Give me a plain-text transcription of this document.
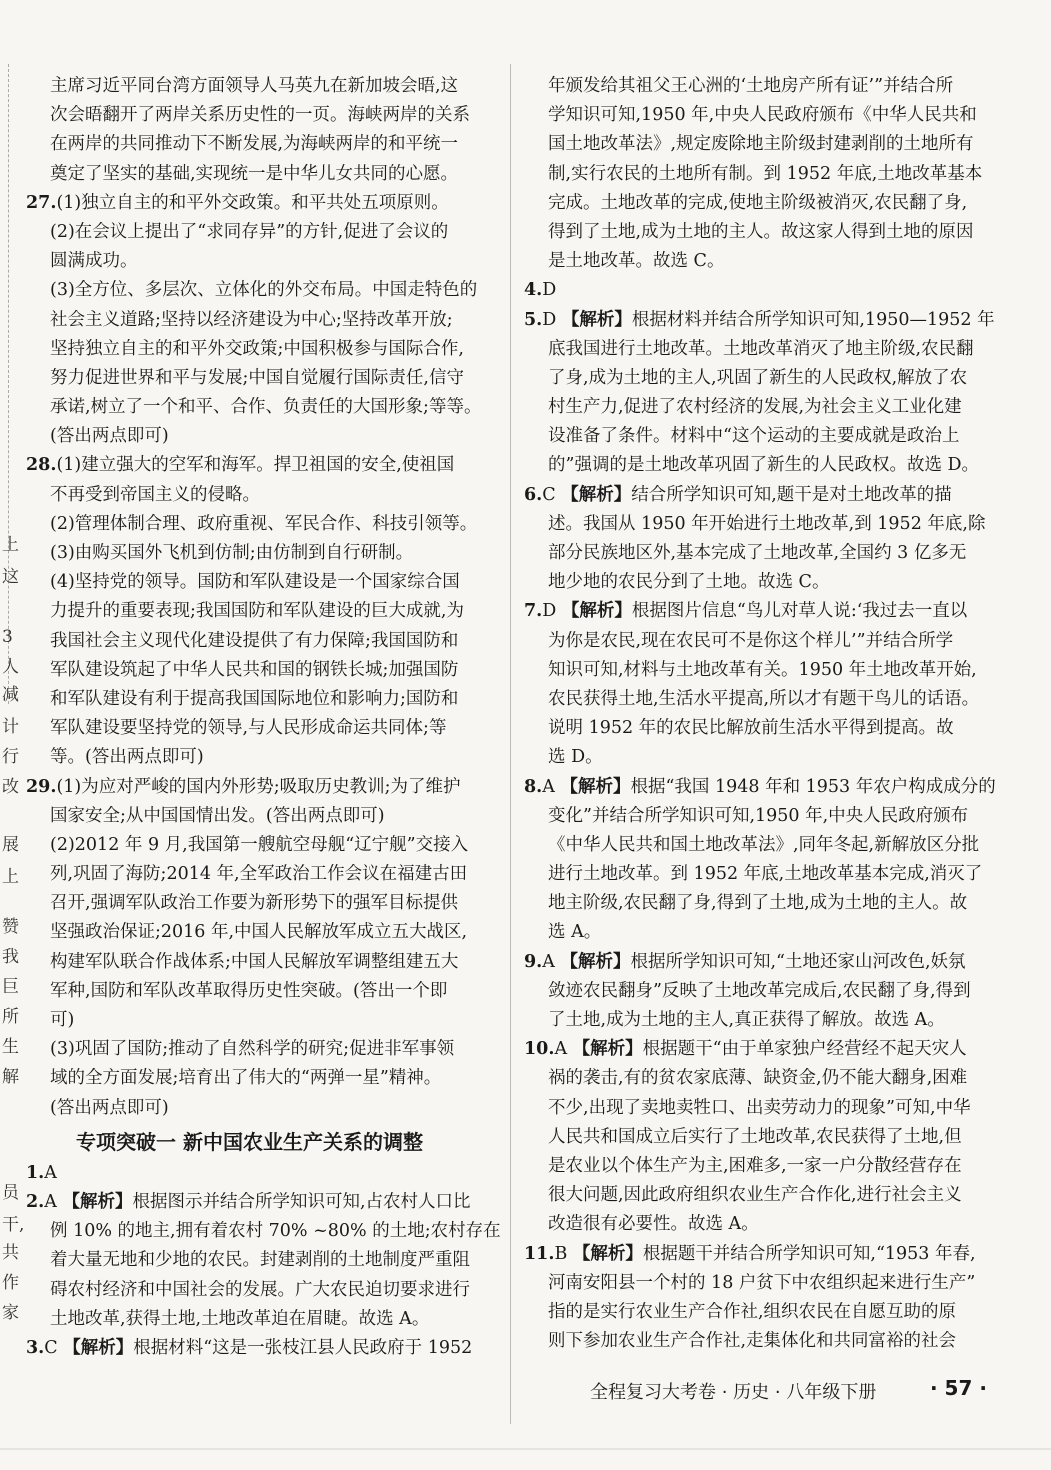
上
这
3
人
减
计
行
改
展
上
赞
我
巨
所
生
解
员
干,
共
作
家
主席习近平同台湾方面领导人马英九在新加坡会晤,这
次会晤翻开了两岸关系历史性的一页。海峡两岸的关系
在两岸的共同推动下不断发展,为海峡两岸的和平统一
奠定了坚实的基础,实现统一是中华儿女共同的心愿。
27.(1)独立自主的和平外交政策。和平共处五项原则。
(2)在会议上提出了“求同存异”的方针,促进了会议的
圆满成功。
(3)全方位、多层次、立体化的外交布局。中国走特色的
社会主义道路;坚持以经济建设为中心;坚持改革开放;
坚持独立自主的和平外交政策;中国积极参与国际合作,
努力促进世界和平与发展;中国自觉履行国际责任,信守
承诺,树立了一个和平、合作、负责任的大国形象;等等。
(答出两点即可)
28.(1)建立强大的空军和海军。捍卫祖国的安全,使祖国
不再受到帝国主义的侵略。
(2)管理体制合理、政府重视、军民合作、科技引领等。
(3)由购买国外飞机到仿制;由仿制到自行研制。
(4)坚持党的领导。国防和军队建设是一个国家综合国
力提升的重要表现;我国国防和军队建设的巨大成就,为
我国社会主义现代化建设提供了有力保障;我国国防和
军队建设筑起了中华人民共和国的钢铁长城;加强国防
和军队建设有利于提高我国国际地位和影响力;国防和
军队建设要坚持党的领导,与人民形成命运共同体;等
等。(答出两点即可)
29.(1)为应对严峻的国内外形势;吸取历史教训;为了维护
国家安全;从中国国情出发。(答出两点即可)
(2)2012 年 9 月,我国第一艘航空母舰“辽宁舰”交接入
列,巩固了海防;2014 年,全军政治工作会议在福建古田
召开,强调军队政治工作要为新形势下的强军目标提供
坚强政治保证;2016 年,中国人民解放军成立五大战区,
构建军队联合作战体系;中国人民解放军调整组建五大
军种,国防和军队改革取得历史性突破。(答出一个即
可)
(3)巩固了国防;推动了自然科学的研究;促进非军事领
域的全方面发展;培育出了伟大的“两弹一星”精神。
(答出两点即可)
专项突破一 新中国农业生产关系的调整
1.A
2.A 【解析】根据图示并结合所学知识可知,占农村人口比
例 10% 的地主,拥有着农村 70% ~80% 的土地;农村存在
着大量无地和少地的农民。封建剥削的土地制度严重阻
碍农村经济和中国社会的发展。广大农民迫切要求进行
土地改革,获得土地,土地改革迫在眉睫。故选 A。
3.C 【解析】根据材料“这是一张枝江县人民政府于 1952
年颁发给其祖父王心洲的‘土地房产所有证’”并结合所
学知识可知,1950 年,中央人民政府颁布《中华人民共和
国土地改革法》,规定废除地主阶级封建剥削的土地所有
制,实行农民的土地所有制。到 1952 年底,土地改革基本
完成。土地改革的完成,使地主阶级被消灭,农民翻了身,
得到了土地,成为土地的主人。故这家人得到土地的原因
是土地改革。故选 C。
4.D
5.D 【解析】根据材料并结合所学知识可知,1950—1952 年
底我国进行土地改革。土地改革消灭了地主阶级,农民翻
了身,成为土地的主人,巩固了新生的人民政权,解放了农
村生产力,促进了农村经济的发展,为社会主义工业化建
设准备了条件。材料中“这个运动的主要成就是政治上
的”强调的是土地改革巩固了新生的人民政权。故选 D。
6.C 【解析】结合所学知识可知,题干是对土地改革的描
述。我国从 1950 年开始进行土地改革,到 1952 年底,除
部分民族地区外,基本完成了土地改革,全国约 3 亿多无
地少地的农民分到了土地。故选 C。
7.D 【解析】根据图片信息“鸟儿对草人说:‘我过去一直以
为你是农民,现在农民可不是你这个样儿’”并结合所学
知识可知,材料与土地改革有关。1950 年土地改革开始,
农民获得土地,生活水平提高,所以才有题干鸟儿的话语。
说明 1952 年的农民比解放前生活水平得到提高。故
选 D。
8.A 【解析】根据“我国 1948 年和 1953 年农户构成成分的
变化”并结合所学知识可知,1950 年,中央人民政府颁布
《中华人民共和国土地改革法》,同年冬起,新解放区分批
进行土地改革。到 1952 年底,土地改革基本完成,消灭了
地主阶级,农民翻了身,得到了土地,成为土地的主人。故
选 A。
9.A 【解析】根据所学知识可知,“土地还家山河改色,妖氛
敛迹农民翻身”反映了土地改革完成后,农民翻了身,得到
了土地,成为土地的主人,真正获得了解放。故选 A。
10.A 【解析】根据题干“由于单家独户经营经不起天灾人
祸的袭击,有的贫农家底薄、缺资金,仍不能大翻身,困难
不少,出现了卖地卖牲口、出卖劳动力的现象”可知,中华
人民共和国成立后实行了土地改革,农民获得了土地,但
是农业以个体生产为主,困难多,一家一户分散经营存在
很大问题,因此政府组织农业生产合作化,进行社会主义
改造很有必要性。故选 A。
11.B 【解析】根据题干并结合所学知识可知,“1953 年春,
河南安阳县一个村的 18 户贫下中农组织起来进行生产”
指的是实行农业生产合作社,组织农民在自愿互助的原
则下参加农业生产合作社,走集体化和共同富裕的社会
全程复习大考卷 · 历史 · 八年级下册	· 57 ·
